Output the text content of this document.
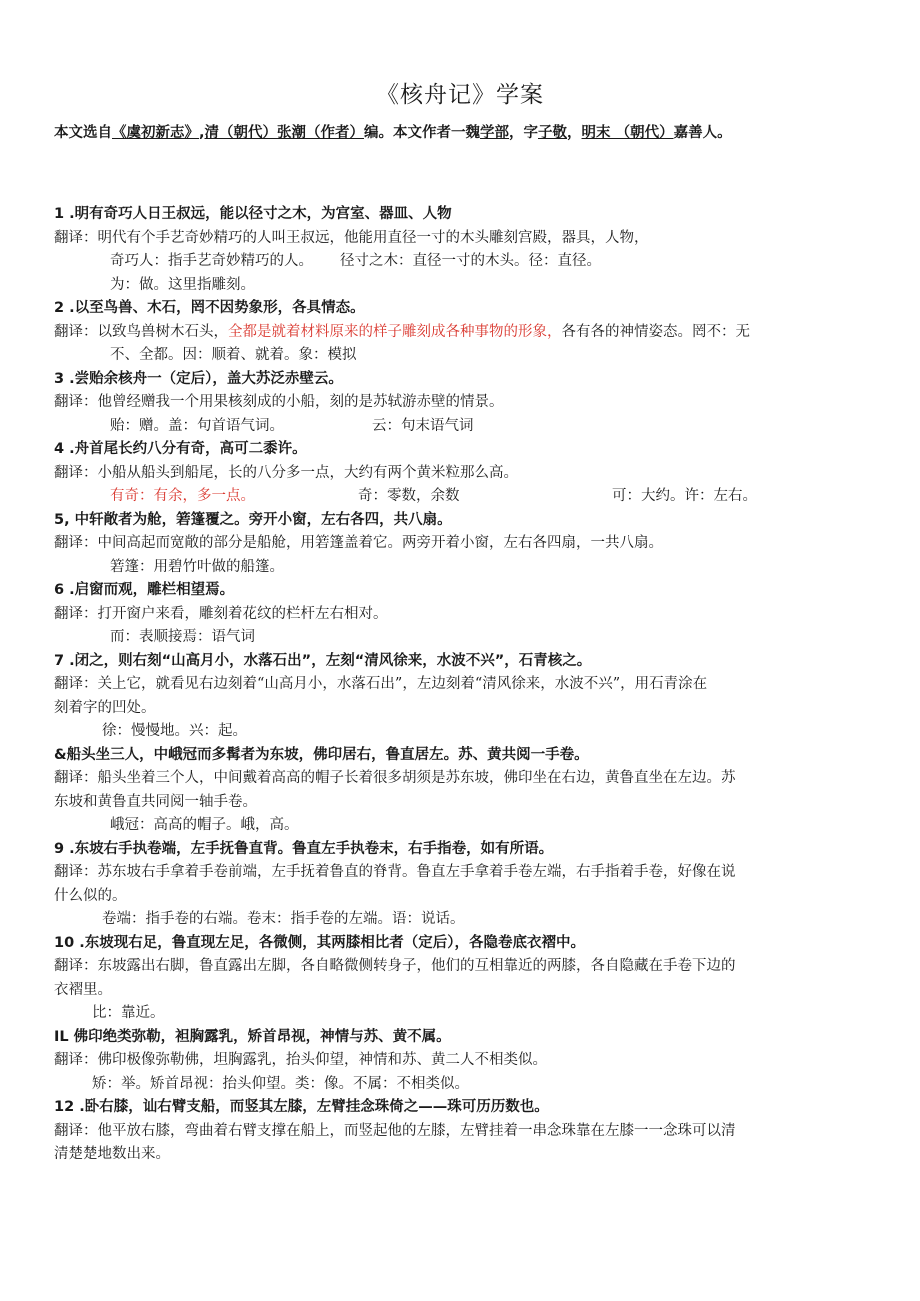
《核舟记》学案
本文选自《虞初新志》,清（朝代）张潮（作者）编。本文作者一魏学部，字子敬，明末 （朝代）嘉善人。
1 .明有奇巧人日王叔远，能以径寸之木，为宫室、器皿、人物
翻译：明代有个手艺奇妙精巧的人叫王叔远，他能用直径一寸的木头雕刻宫殿，器具，人物，
奇巧人：指手艺奇妙精巧的人。 径寸之木：直径一寸的木头。径：直径。
为：做。这里指雕刻。
2 .以至鸟兽、木石，罔不因势象形，各具情态。
翻译：以致鸟兽树木石头，全都是就着材料原来的样子雕刻成各种事物的形象，各有各的神情姿态。罔不：无
不、全都。因：顺着、就着。象：模拟
3 .尝贻余核舟一（定后），盖大苏泛赤壁云。
翻译：他曾经赠我一个用果核刻成的小船，刻的是苏轼游赤壁的情景。
贻：赠。盖：句首语气词。	云：句末语气词
4 .舟首尾长约八分有奇，高可二黍许。
翻译：小船从船头到船尾，长的八分多一点，大约有两个黄米粒那么高。
有奇：有余，多一点。	奇：零数，余数	可：大约。许：左右。
5, 中轩敞者为舱，箬篷覆之。旁开小窗，左右各四，共八扇。
翻译：中间高起而宽敞的部分是船舱，用箬篷盖着它。两旁开着小窗，左右各四扇，一共八扇。
箬篷：用碧竹叶做的船篷。
6 .启窗而观，雕栏相望焉。
翻译：打开窗户来看，雕刻着花纹的栏杆左右相对。
而：表顺接焉：语气词
7 .闭之，则右刻“山高月小，水落石出”，左刻“清风徐来，水波不兴”，石青核之。
翻译：关上它，就看见右边刻着“山高月小，水落石出”，左边刻着“清风徐来，水波不兴”，用石青涂在
刻着字的凹处。
徐：慢慢地。兴：起。
&船头坐三人，中峨冠而多髯者为东坡，佛印居右，鲁直居左。苏、黄共阅一手卷。
翻译：船头坐着三个人，中间戴着高高的帽子长着很多胡须是苏东坡，佛印坐在右边，黄鲁直坐在左边。苏
东坡和黄鲁直共同阅一轴手卷。
峨冠：高高的帽子。峨，高。
9 .东坡右手执卷端，左手抚鲁直背。鲁直左手执卷末，右手指卷，如有所语。
翻译：苏东坡右手拿着手卷前端，左手抚着鲁直的脊背。鲁直左手拿着手卷左端，右手指着手卷，好像在说
什么似的。
卷端：指手卷的右端。卷末：指手卷的左端。语：说话。
10 .东坡现右足，鲁直现左足，各微侧，其两膝相比者（定后），各隐卷底衣褶中。
翻译：东坡露出右脚，鲁直露出左脚，各自略微侧转身子，他们的互相靠近的两膝，各自隐藏在手卷下边的
衣褶里。
比：靠近。
IL 佛印绝类弥勒，袒胸露乳，矫首昂视，神情与苏、黄不属。
翻译：佛印极像弥勒佛，坦胸露乳，抬头仰望，神情和苏、黄二人不相类似。
矫：举。矫首昂视：抬头仰望。类：像。不属：不相类似。
12 .卧右膝，讪右臂支船，而竖其左膝，左臂挂念珠倚之——珠可历历数也。
翻译：他平放右膝，弯曲着右臂支撑在船上，而竖起他的左膝，左臂挂着一串念珠靠在左膝一一念珠可以清
清楚楚地数出来。
